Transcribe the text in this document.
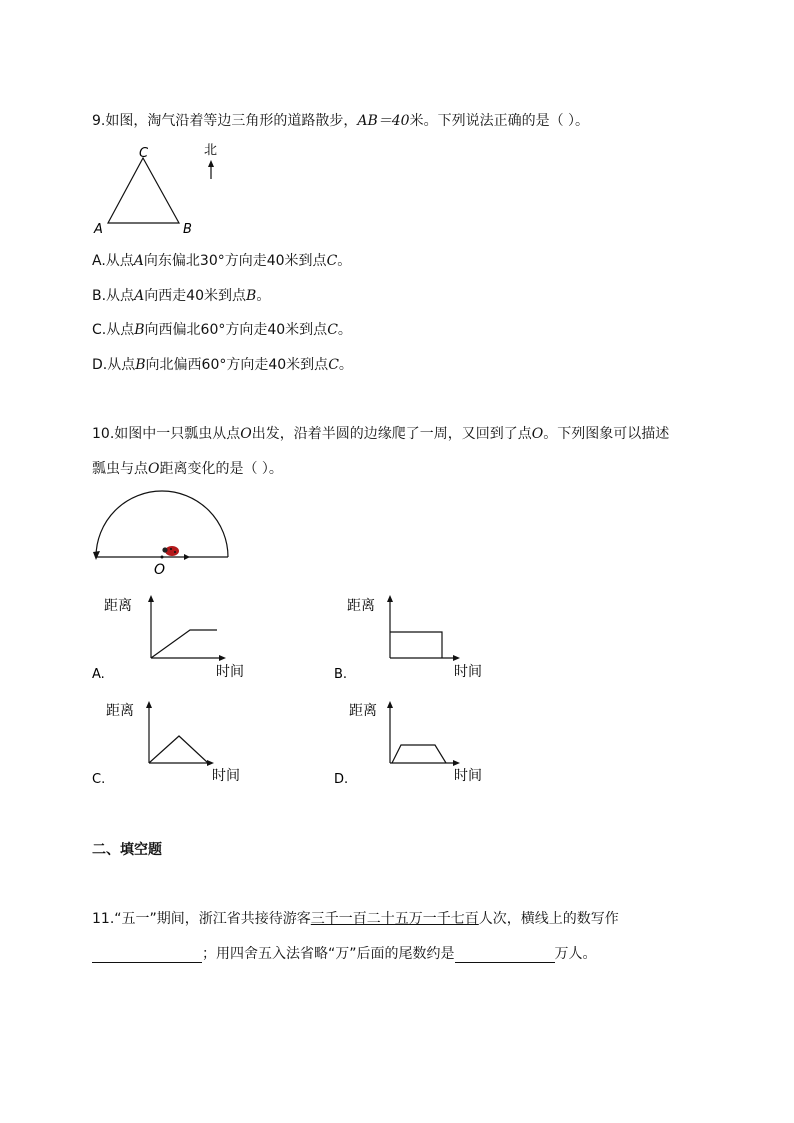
9.如图，淘气沿着等边三角形的道路散步，AB＝40米。下列说法正确的是（ ）。
A	B
C	北
A.从点A向东偏北30°方向走40米到点C。
B.从点A向西走40米到点B。
C.从点B向西偏北60°方向走40米到点C。
D.从点B向北偏西60°方向走40米到点C。
10.如图中一只瓢虫从点O出发，沿着半圆的边缘爬了一周，又回到了点O。下列图象可以描述
瓢虫与点O距离变化的是（ ）。
O
距离
时间
A.
距离
时间
B.
距离
时间
C.
距离
时间
D.
二、填空题
11.“五一”期间，浙江省共接待游客三千一百二十五万一千七百人次，横线上的数写作
；用四舍五入法省略“万”后面的尾数约是	万人。
